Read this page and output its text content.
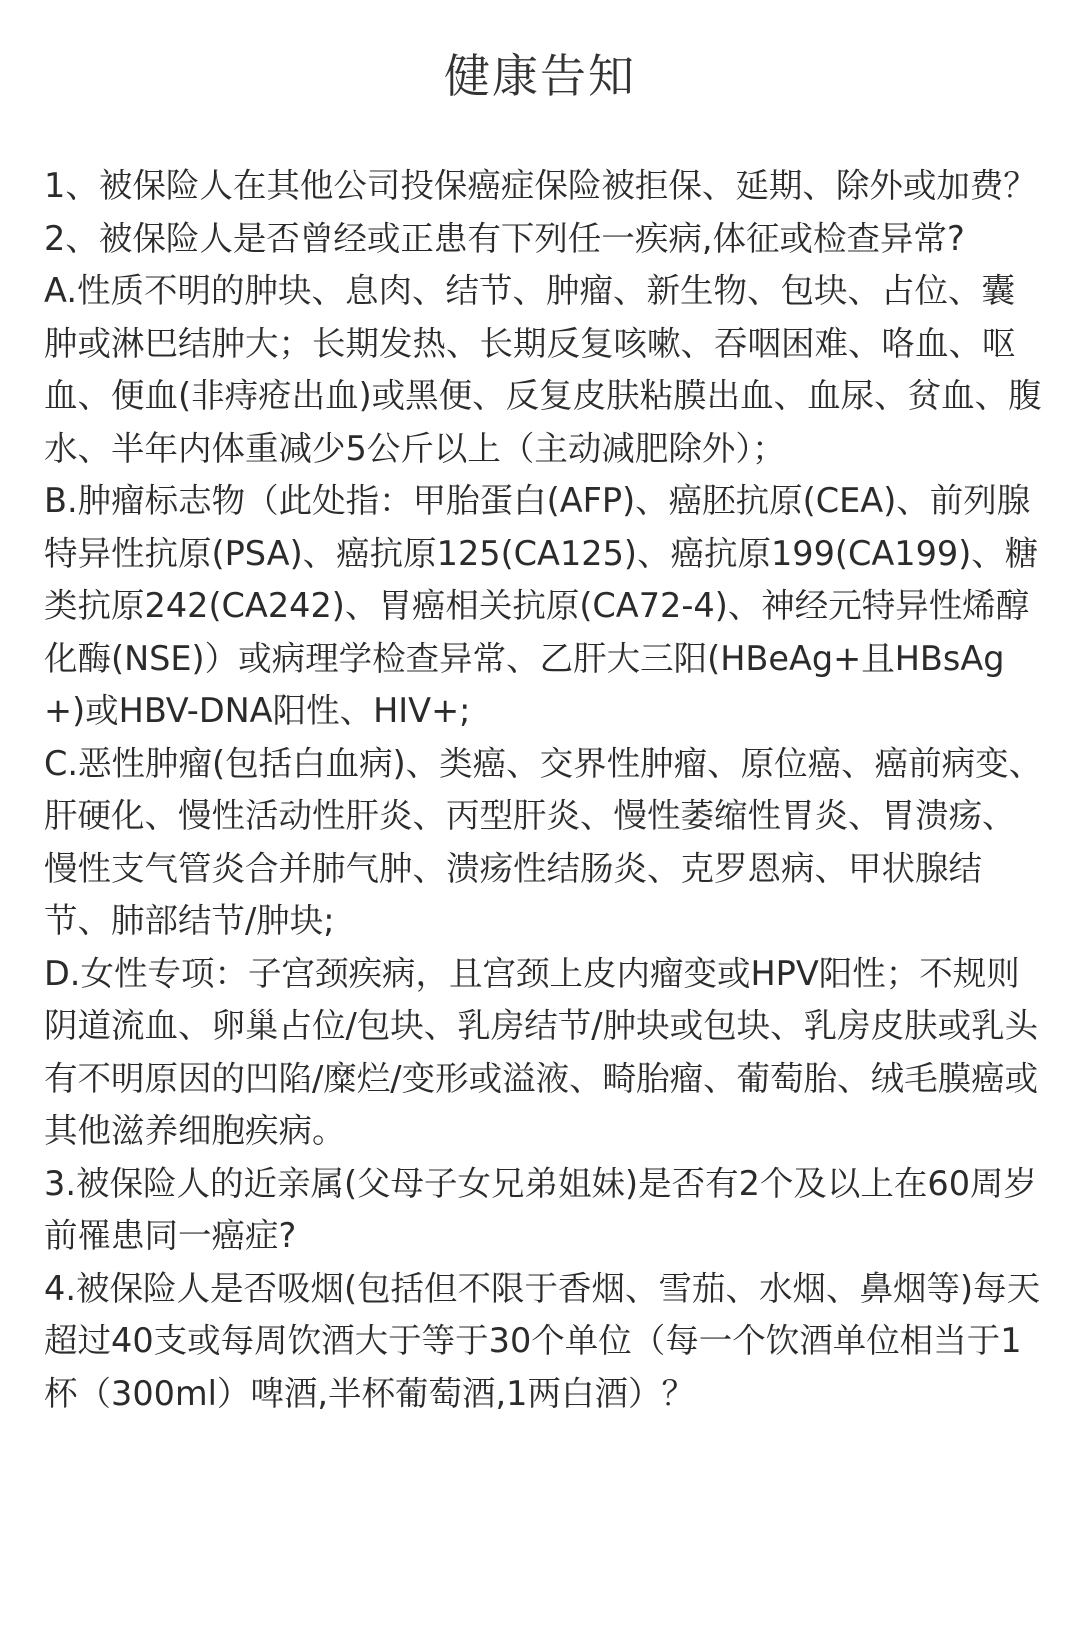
健康告知

1、被保险人在其他公司投保癌症保险被拒保、延期、除外或加费？

2、被保险人是否曾经或正患有下列任一疾病,体征或检查异常?

A.性质不明的肿块、息肉、结节、肿瘤、新生物、包块、占位、囊肿或淋巴结肿大；长期发热、长期反复咳嗽、吞咽困难、咯血、呕血、便血(非痔疮出血)或黑便、反复皮肤粘膜出血、血尿、贫血、腹水、半年内体重减少5公斤以上（主动减肥除外）；

B.肿瘤标志物（此处指：甲胎蛋白(AFP)、癌胚抗原(CEA)、前列腺特异性抗原(PSA)、癌抗原125(CA125)、癌抗原199(CA199)、糖类抗原242(CA242)、胃癌相关抗原(CA72-4)、神经元特异性烯醇化酶(NSE)）或病理学检查异常、乙肝大三阳(HBeAg+且HBsAg+)或HBV-DNA阳性、HIV+;

C.恶性肿瘤(包括白血病)、类癌、交界性肿瘤、原位癌、癌前病变、肝硬化、慢性活动性肝炎、丙型肝炎、慢性萎缩性胃炎、胃溃疡、慢性支气管炎合并肺气肿、溃疡性结肠炎、克罗恩病、甲状腺结节、肺部结节/肿块;

D.女性专项：子宫颈疾病，且宫颈上皮内瘤变或HPV阳性；不规则阴道流血、卵巢占位/包块、乳房结节/肿块或包块、乳房皮肤或乳头有不明原因的凹陷/糜烂/变形或溢液、畸胎瘤、葡萄胎、绒毛膜癌或其他滋养细胞疾病。

3.被保险人的近亲属(父母子女兄弟姐妹)是否有2个及以上在60周岁前罹患同一癌症?

4.被保险人是否吸烟(包括但不限于香烟、雪茄、水烟、鼻烟等)每天超过40支或每周饮酒大于等于30个单位（每一个饮酒单位相当于1杯（300ml）啤酒,半杯葡萄酒,1两白酒）？
